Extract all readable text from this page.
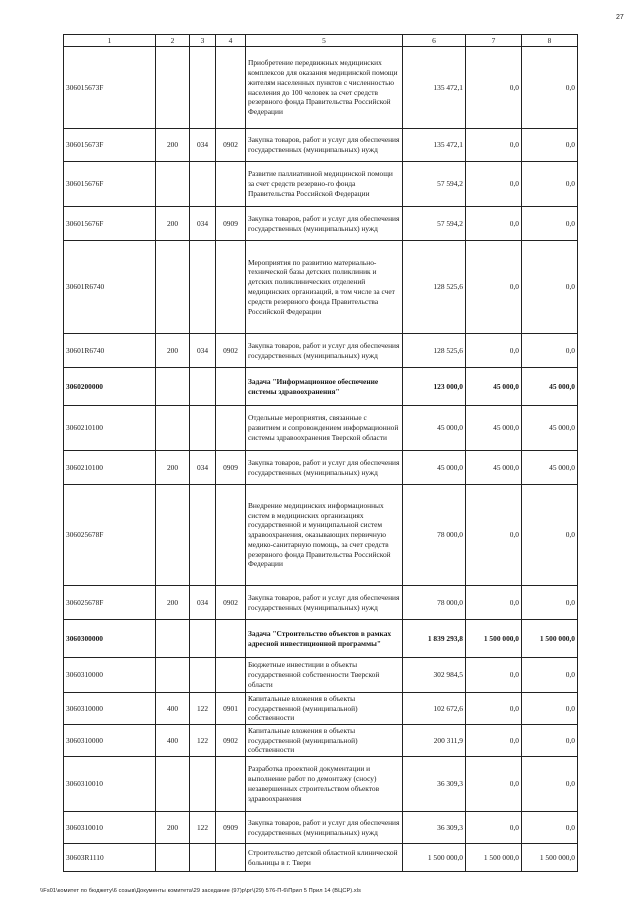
27
1	2	3	4	5	6	7	8
306015673F				Приобретение передвижных медицинских комплексов для оказания медицинской помощи жителям населенных пунктов с численностью населения до 100 человек за счет средств резервного фонда Правительства Российской Федерации	135 472,1	0,0	0,0
306015673F	200	034	0902	Закупка товаров, работ и услуг для обеспечения государственных (муниципальных) нужд	135 472,1	0,0	0,0
306015676F				Развитие паллиативной медицинской помощи за счет средств резервно-го фонда Правительства Российской Федерации	57 594,2	0,0	0,0
306015676F	200	034	0909	Закупка товаров, работ и услуг для обеспечения государственных (муниципальных) нужд	57 594,2	0,0	0,0
30601R6740				Мероприятия по развитию материально-технической базы детских поликлиник и детских поликлинических отделений медицинских организаций, в том числе за счет средств резервного фонда Правительства Российской Федерации	128 525,6	0,0	0,0
30601R6740	200	034	0902	Закупка товаров, работ и услуг для обеспечения государственных (муниципальных) нужд	128 525,6	0,0	0,0
3060200000				Задача "Информационное обеспечение системы здравоохранения"	123 000,0	45 000,0	45 000,0
3060210100				Отдельные мероприятия, связанные с развитием и сопровождением информационной системы здравоохранения Тверской области	45 000,0	45 000,0	45 000,0
3060210100	200	034	0909	Закупка товаров, работ и услуг для обеспечения государственных (муниципальных) нужд	45 000,0	45 000,0	45 000,0
306025678F				Внедрение медицинских информационных систем в медицинских организациях государственной и муниципальной систем здравоохранения, оказывающих первичную медико-санитарную помощь, за счет средств резервного фонда Правительства Российской Федерации	78 000,0	0,0	0,0
306025678F	200	034	0902	Закупка товаров, работ и услуг для обеспечения государственных (муниципальных) нужд	78 000,0	0,0	0,0
3060300000				Задача "Строительство объектов в рамках адресной инвестиционной программы"	1 839 293,8	1 500 000,0	1 500 000,0
3060310000				Бюджетные инвестиции в объекты государственной собственности Тверской области	302 984,5	0,0	0,0
3060310000	400	122	0901	Капитальные вложения в объекты государственной (муниципальной) собственности	102 672,6	0,0	0,0
3060310000	400	122	0902	Капитальные вложения в объекты государственной (муниципальной) собственности	200 311,9	0,0	0,0
3060310010				Разработка проектной документации и выполнение работ по демонтажу (сносу) незавершенных строительством объектов здравоохранения	36 309,3	0,0	0,0
3060310010	200	122	0909	Закупка товаров, работ и услуг для обеспечения государственных (муниципальных) нужд	36 309,3	0,0	0,0
30603R1110				Строительство детской областной клинической больницы в г. Твери	1 500 000,0	1 500 000,0	1 500 000,0
\\Fs01\комитет по бюджету\6 созыв\Документы комитета\29 заседание (97)р\рг\(29) 576-П-6\Прил 5 Прил 14 (ВЦСР).xls
